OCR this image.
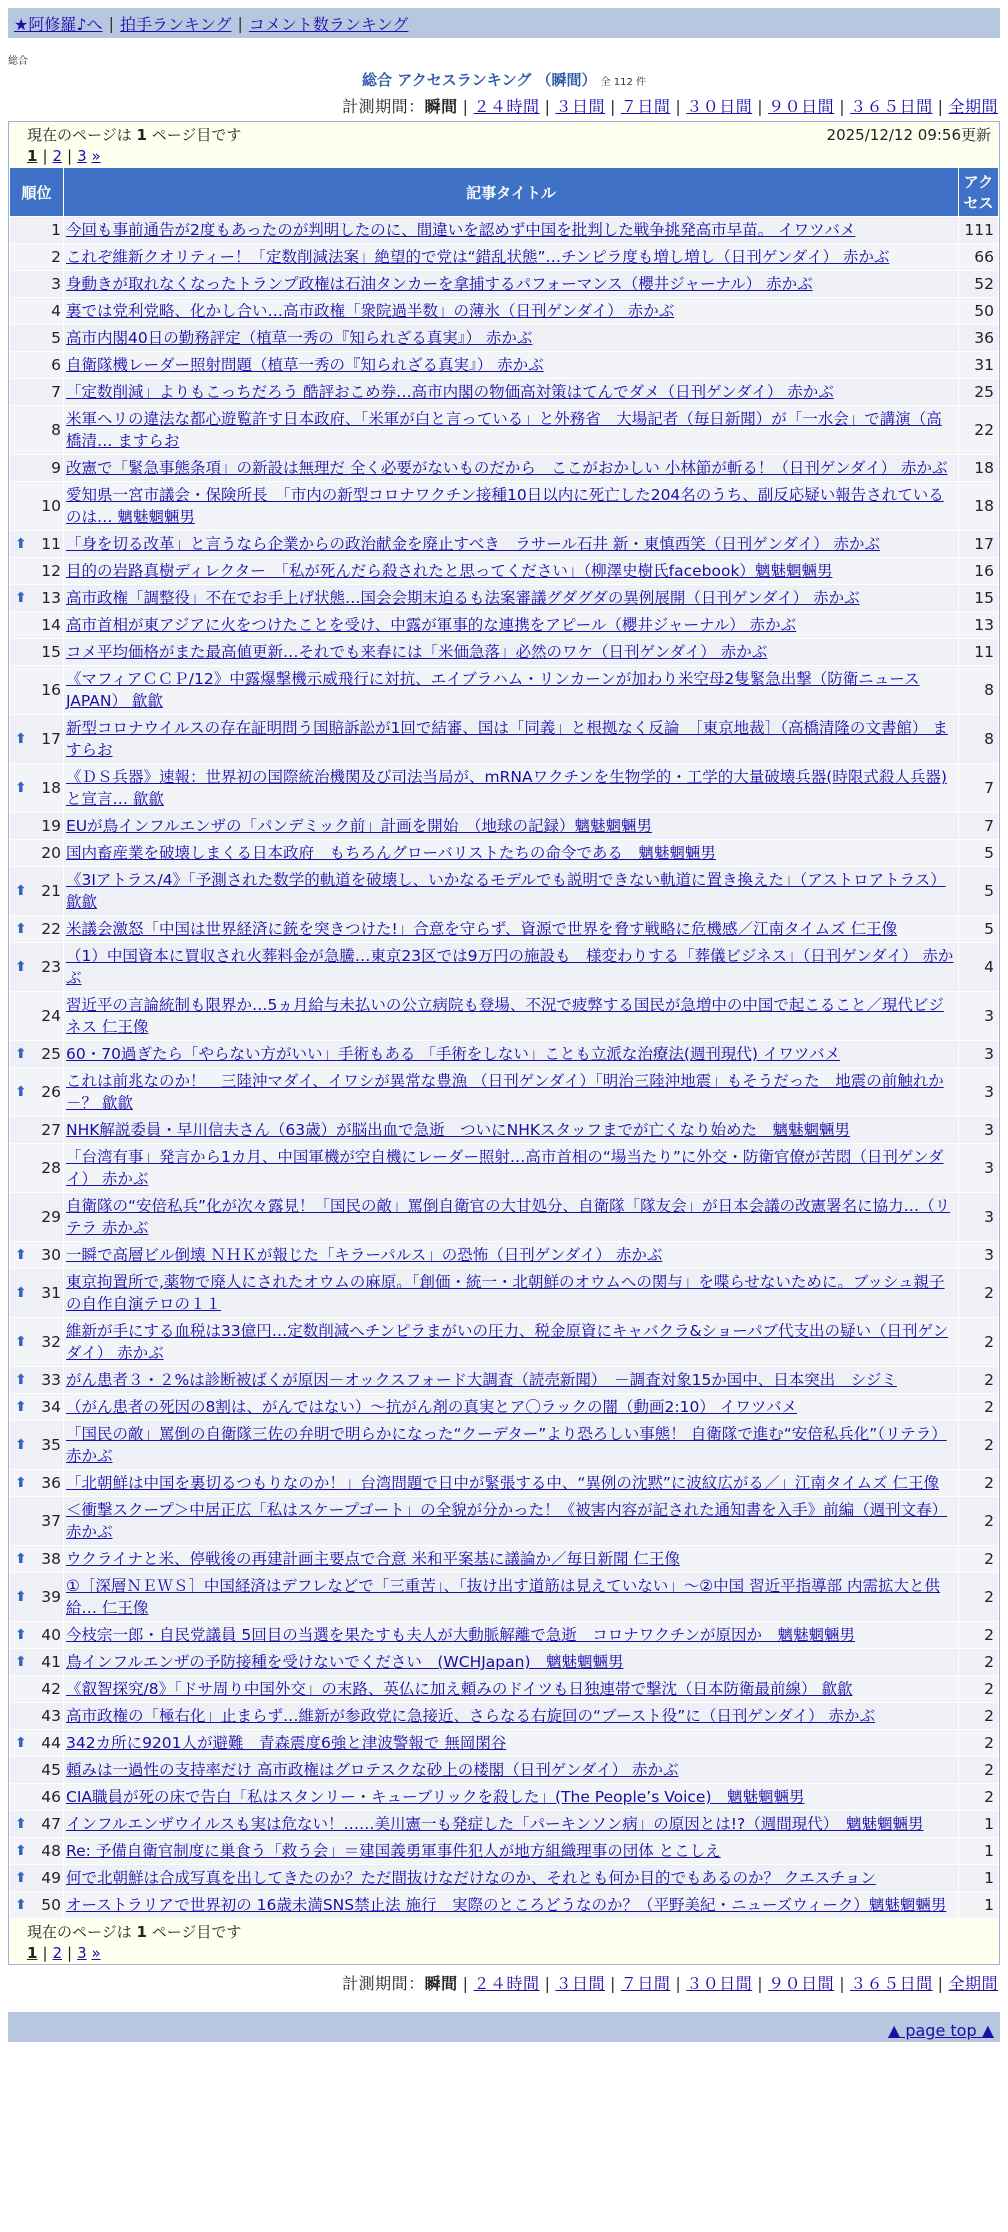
★阿修羅♪へ | 拍手ランキング | コメント数ランキング
総合
総合 アクセスランキング （瞬間） 全 112 件
計測期間：瞬間 | ２４時間 | ３日間 | ７日間 | ３０日間 | ９０日間 | ３６５日間 | 全期間
現在のページは 1 ページ目です	2025/12/12 09:56更新
1 | 2 | 3 »
順位	記事タイトル	アクセス
1	今回も事前通告が2度もあったのが判明したのに、間違いを認めず中国を批判した戦争挑発高市早苗。 イワツバメ	111
2	これぞ維新クオリティー！「定数削減法案」絶望的で党は“錯乱状態”…チンピラ度も増し増し（日刊ゲンダイ） 赤かぶ	66
3	身動きが取れなくなったトランプ政権は石油タンカーを拿捕するパフォーマンス（櫻井ジャーナル） 赤かぶ	52
4	裏では党利党略、化かし合い…高市政権「衆院過半数」の薄氷（日刊ゲンダイ） 赤かぶ	50
5	高市内閣40日の勤務評定（植草一秀の『知られざる真実』） 赤かぶ	36
6	自衛隊機レーダー照射問題（植草一秀の『知られざる真実』） 赤かぶ	31
7	「定数削減」よりもこっちだろう 酷評おこめ券…高市内閣の物価高対策はてんでダメ（日刊ゲンダイ） 赤かぶ	25
8	米軍ヘリの違法な都心遊覧許す日本政府、「米軍が白と言っている」と外務省　大場記者（毎日新聞）が「一水会」で講演（高橋清… ますらお	22
9	改憲で「緊急事態条項」の新設は無理だ 全く必要がないものだから　ここがおかしい 小林節が斬る！（日刊ゲンダイ） 赤かぶ	18
10	愛知県一宮市議会・保険所長　「市内の新型コロナワクチン接種10日以内に死亡した204名のうち、副反応疑い報告されているのは… 魑魅魍魎男	18

⬆ 11	「身を切る改革」と言うなら企業からの政治献金を廃止すべき　ラサール石井 新・東慎西笑（日刊ゲンダイ） 赤かぶ	17
12	目的の岩路真樹ディレクター　「私が死んだら殺されたと思ってください」（柳澤史樹氏facebook）魑魅魍魎男	16

⬆ 13	高市政権「調整役」不在でお手上げ状態…国会会期末迫るも法案審議グダグダの異例展開（日刊ゲンダイ） 赤かぶ	15
14	高市首相が東アジアに火をつけたことを受け、中露が軍事的な連携をアピール（櫻井ジャーナル） 赤かぶ	13
15	コメ平均価格がまた最高値更新…それでも来春には「米価急落」必然のワケ（日刊ゲンダイ） 赤かぶ	11
16	《マフィアＣＣＰ/12》中露爆撃機示威飛行に対抗、エイブラハム・リンカーンが加わり米空母2隻緊急出撃（防衛ニュースJAPAN） 歙歙	8

⬆ 17	新型コロナウイルスの存在証明問う国賠訴訟が1回で結審、国は「同義」と根拠なく反論　［東京地裁］（高橋清隆の文書館） ますらお	8

⬆ 18	《ＤＳ兵器》速報：世界初の国際統治機関及び司法当局が、mRNAワクチンを生物学的・工学的大量破壊兵器(時限式殺人兵器)と宣言… 歙歙	7
19	EUが鳥インフルエンザの「パンデミック前」計画を開始　（地球の記録）魑魅魍魎男	7
20	国内畜産業を破壊しまくる日本政府　もちろんグローバリストたちの命令である　魑魅魍魎男	5

⬆ 21	《3Iアトラス/4》「予測された数学的軌道を破壊し、いかなるモデルでも説明できない軌道に置き換えた」（アストロアトラス） 歙歙	5

⬆ 22	米議会激怒「中国は世界経済に銃を突きつけた!」合意を守らず、資源で世界を脅す戦略に危機感／江南タイムズ 仁王像	5

⬆ 23	（1）中国資本に買収され火葬料金が急騰…東京23区では9万円の施設も　様変わりする「葬儀ビジネス」（日刊ゲンダイ） 赤かぶ	4
24	習近平の言論統制も限界か…5ヵ月給与未払いの公立病院も登場、不況で疲弊する国民が急増中の中国で起こること／現代ビジネス 仁王像	3

⬆ 25	60・70過ぎたら「やらない方がいい」手術もある 「手術をしない」ことも立派な治療法(週刊現代) イワツバメ	3

⬆ 26	これは前兆なのか！　三陸沖マダイ、イワシが異常な豊漁 （日刊ゲンダイ）「明治三陸沖地震」もそうだった　地震の前触れか－？ 歙歙	3
27	NHK解説委員・早川信夫さん（63歳）が脳出血で急逝　ついにNHKスタッフまでが亡くなり始めた　魑魅魍魎男	3
28	「台湾有事」発言から1カ月、中国軍機が空自機にレーダー照射…高市首相の“場当たり”に外交・防衛官僚が苦悶（日刊ゲンダイ） 赤かぶ	3
29	自衛隊の“安倍私兵”化が次々露見！「国民の敵」罵倒自衛官の大甘処分、自衛隊「隊友会」が日本会議の改憲署名に協力…（リテラ 赤かぶ	3

⬆ 30	一瞬で高層ビル倒壊 ＮＨＫが報じた「キラーパルス」の恐怖（日刊ゲンダイ） 赤かぶ	3

⬆ 31	東京拘置所で,薬物で廃人にされたオウムの麻原。「創価・統一・北朝鮮のオウムへの関与」を喋らせないために。ブッシュ親子の自作自演テロの１１	2

⬆ 32	維新が手にする血税は33億円…定数削減へチンピラまがいの圧力、税金原資にキャバクラ&ショーパブ代支出の疑い（日刊ゲンダイ） 赤かぶ	2

⬆ 33	がん患者３・２%は診断被ばくが原因－オックスフォード大調査（読売新聞）　－調査対象15か国中、日本突出　シジミ	2

⬆ 34	（がん患者の死因の8割は、がんではない）～抗がん剤の真実とア〇ラックの闇（動画2:10） イワツバメ	2

⬆ 35	「国民の敵」罵倒の自衛隊三佐の弁明で明らかになった“クーデター”より恐ろしい事態！ 自衛隊で進む“安倍私兵化”（リテラ） 赤かぶ	2

⬆ 36	「北朝鮮は中国を裏切るつもりなのか！」台湾問題で日中が緊張する中、“異例の沈黙”に波紋広がる／」江南タイムズ 仁王像	2
37	＜衝撃スクープ＞中居正広「私はスケープゴート」の全貌が分かった！《被害内容が記された通知書を入手》前編（週刊文春） 赤かぶ	2

⬆ 38	ウクライナと米、停戦後の再建計画主要点で合意 米和平案基に議論か／毎日新聞 仁王像	2

⬆ 39	①［深層ＮＥＷＳ］中国経済はデフレなどで「三重苦」、「抜け出す道筋は見えていない」～②中国 習近平指導部 内需拡大と供給… 仁王像	2

⬆ 40	今枝宗一郎・自民党議員 5回目の当選を果たすも夫人が大動脈解離で急逝　コロナワクチンが原因か　魑魅魍魎男	2

⬆ 41	鳥インフルエンザの予防接種を受けないでください　(WCHJapan)　魑魅魍魎男	2
42	《叡智探究/8》「ドサ周り中国外交」の末路、英仏に加え頼みのドイツも日独連帯で撃沈（日本防衛最前線） 歙歙	2
43	高市政権の「極右化」止まらず…維新が参政党に急接近、さらなる右旋回の“ブースト役”に（日刊ゲンダイ） 赤かぶ	2

⬆ 44	342カ所に9201人が避難　青森震度6強と津波警報で 無岡閑谷	2
45	頼みは一過性の支持率だけ 高市政権はグロテスクな砂上の楼閣（日刊ゲンダイ） 赤かぶ	2
46	CIA職員が死の床で告白「私はスタンリー・キューブリックを殺した」(The People’s Voice)　魑魅魍魎男	2

⬆ 47	インフルエンザウイルスも実は危ない！……美川憲一も発症した「パーキンソン病」の原因とは!?（週間現代）　魑魅魍魎男	1

⬆ 48	Re: 予備自衛官制度に巣食う「救う会」＝建国義勇軍事件犯人が地方組織理事の団体 とこしえ	1

⬆ 49	何で北朝鮮は合成写真を出してきたのか？ただ間抜けなだけなのか、それとも何か目的でもあるのか？ クエスチョン	1

⬆ 50	オーストラリアで世界初の 16歳未満SNS禁止法 施行　実際のところどうなのか？（平野美紀・ニューズウィーク）魑魅魍魎男	1
現在のページは 1 ページ目です
1 | 2 | 3 »
計測期間：瞬間 | ２４時間 | ３日間 | ７日間 | ３０日間 | ９０日間 | ３６５日間 | 全期間
▲ page top ▲
